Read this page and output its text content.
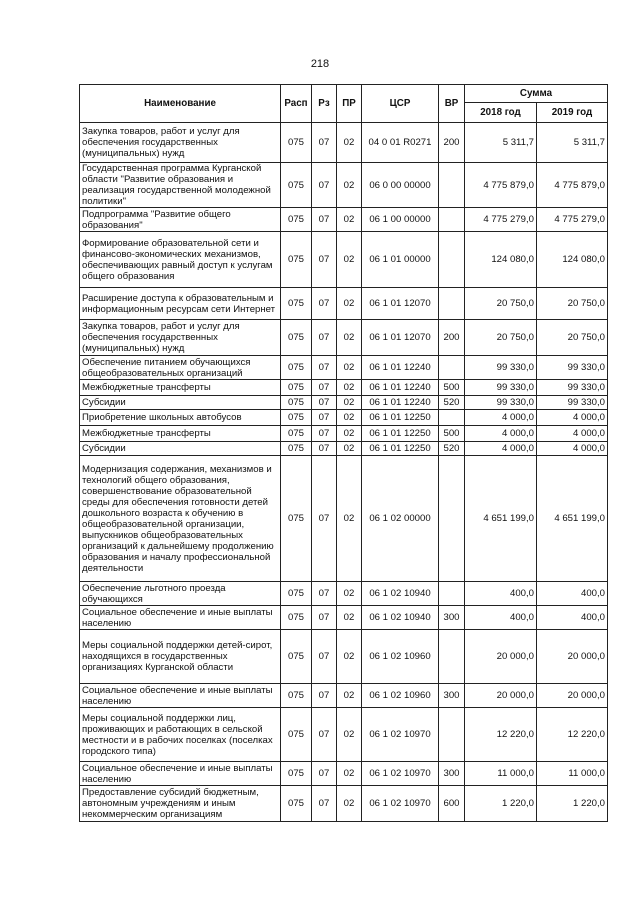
218
Наименование	Расп	Рз	ПР	ЦСР	ВР	Сумма	
						2018 год	2019 год
Закупка товаров, работ и услуг для обеспечения государственных (муниципальных) нужд	075	07	02	04 0 01 R0271	200	5 311,7	5 311,7
Государственная программа Курганской области "Развитие образования и реализация государственной молодежной политики"	075	07	02	06 0 00 00000		4 775 879,0	4 775 879,0
Подпрограмма "Развитие общего образования"	075	07	02	06 1 00 00000		4 775 279,0	4 775 279,0
Формирование образовательной сети и финансово-экономических механизмов, обеспечивающих равный доступ к услугам общего образования	075	07	02	06 1 01 00000		124 080,0	124 080,0
Расширение доступа к образовательным и информационным ресурсам сети Интернет	075	07	02	06 1 01 12070		20 750,0	20 750,0
Закупка товаров, работ и услуг для обеспечения государственных (муниципальных) нужд	075	07	02	06 1 01 12070	200	20 750,0	20 750,0
Обеспечение питанием обучающихся общеобразовательных организаций	075	07	02	06 1 01 12240		99 330,0	99 330,0
Межбюджетные трансферты	075	07	02	06 1 01 12240	500	99 330,0	99 330,0
Субсидии	075	07	02	06 1 01 12240	520	99 330,0	99 330,0
Приобретение школьных автобусов	075	07	02	06 1 01 12250		4 000,0	4 000,0
Межбюджетные трансферты	075	07	02	06 1 01 12250	500	4 000,0	4 000,0
Субсидии	075	07	02	06 1 01 12250	520	4 000,0	4 000,0
Модернизация содержания, механизмов и технологий общего образования, совершенствование образовательной среды для обеспечения готовности детей дошкольного возраста к обучению в общеобразовательной организации, выпускников общеобразовательных организаций к дальнейшему продолжению образования и началу профессиональной деятельности	075	07	02	06 1 02 00000		4 651 199,0	4 651 199,0
Обеспечение льготного проезда обучающихся	075	07	02	06 1 02 10940		400,0	400,0
Социальное обеспечение и иные выплаты населению	075	07	02	06 1 02 10940	300	400,0	400,0
Меры социальной поддержки детей-сирот, находящихся в государственных организациях Курганской области	075	07	02	06 1 02 10960		20 000,0	20 000,0
Социальное обеспечение и иные выплаты населению	075	07	02	06 1 02 10960	300	20 000,0	20 000,0
Меры социальной поддержки лиц, проживающих и работающих в сельской местности и в рабочих поселках (поселках городского типа)	075	07	02	06 1 02 10970		12 220,0	12 220,0
Социальное обеспечение и иные выплаты населению	075	07	02	06 1 02 10970	300	11 000,0	11 000,0
Предоставление субсидий бюджетным, автономным учреждениям и иным некоммерческим организациям	075	07	02	06 1 02 10970	600	1 220,0	1 220,0
